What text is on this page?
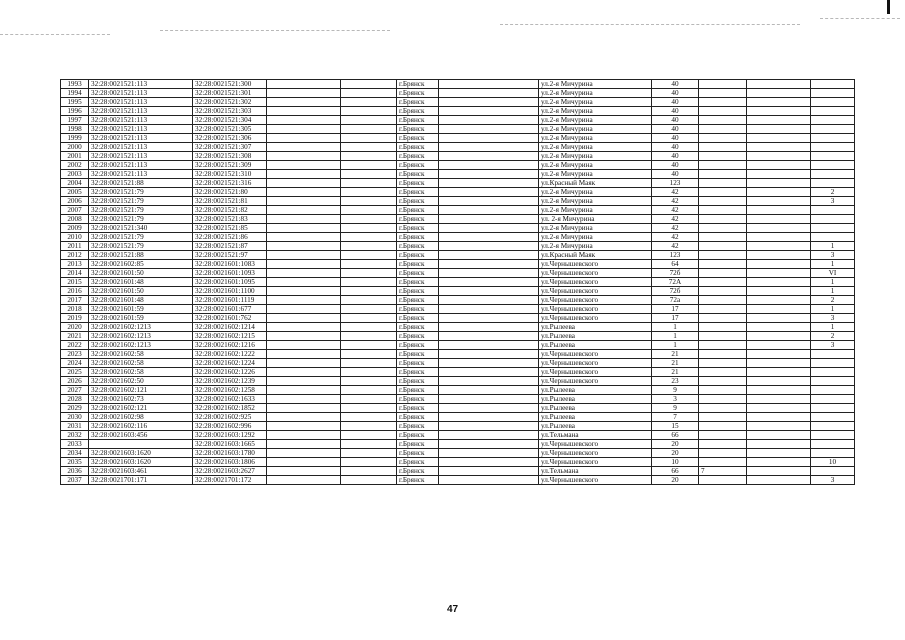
1993	32:28:0021521:113	32:28:0021521:300			г.Брянск		ул.2-я Мичурина	40			
1994	32:28:0021521:113	32:28:0021521:301			г.Брянск		ул.2-я Мичурина	40			
1995	32:28:0021521:113	32:28:0021521:302			г.Брянск		ул.2-я Мичурина	40			
1996	32:28:0021521:113	32:28:0021521:303			г.Брянск		ул.2-я Мичурина	40			
1997	32:28:0021521:113	32:28:0021521:304			г.Брянск		ул.2-я Мичурина	40			
1998	32:28:0021521:113	32:28:0021521:305			г.Брянск		ул.2-я Мичурина	40			
1999	32:28:0021521:113	32:28:0021521:306			г.Брянск		ул.2-я Мичурина	40			
2000	32:28:0021521:113	32:28:0021521:307			г.Брянск		ул.2-я Мичурина	40			
2001	32:28:0021521:113	32:28:0021521:308			г.Брянск		ул.2-я Мичурина	40			
2002	32:28:0021521:113	32:28:0021521:309			г.Брянск		ул.2-я Мичурина	40			
2003	32:28:0021521:113	32:28:0021521:310			г.Брянск		ул.2-я Мичурина	40			
2004	32:28:0021521:88	32:28:0021521:316			г.Брянск		ул.Красный Маяк	123			
2005	32:28:0021521:79	32:28:0021521:80			г.Брянск		ул.2-я Мичурина	42			2
2006	32:28:0021521:79	32:28:0021521:81			г.Брянск		ул.2-я Мичурина	42			3
2007	32:28:0021521:79	32:28:0021521:82			г.Брянск		ул.2-я Мичурина	42			
2008	32:28:0021521:79	32:28:0021521:83			г.Брянск		ул. 2-я Мичурина	42			
2009	32:28:0021521:340	32:28:0021521:85			г.Брянск		ул.2-я Мичурина	42			
2010	32:28:0021521:79	32:28:0021521:86			г.Брянск		ул.2-я Мичурина	42			
2011	32:28:0021521:79	32:28:0021521:87			г.Брянск		ул.2-я Мичурина	42			1
2012	32:28:0021521:88	32:28:0021521:97			г.Брянск		ул.Красный Маяк	123			3
2013	32:28:0021602:85	32:28:0021601:1083			г.Брянск		ул.Чернышевского	64			1
2014	32:28:0021601:50	32:28:0021601:1093			г.Брянск		ул.Чернышевского	72б			VI
2015	32:28:0021601:48	32:28:0021601:1095			г.Брянск		ул.Чернышевского	72А			1
2016	32:28:0021601:50	32:28:0021601:1100			г.Брянск		ул.Чернышевского	72б			1
2017	32:28:0021601:48	32:28:0021601:1119			г.Брянск		ул.Чернышевского	72а			2
2018	32:28:0021601:59	32:28:0021601:677			г.Брянск		ул.Чернышевского	17			1
2019	32:28:0021601:59	32:28:0021601:762			г.Брянск		ул.Чернышевского	17			3
2020	32:28:0021602:1213	32:28:0021602:1214			г.Брянск		ул.Рылеева	1			1
2021	32:28:0021602:1213	32:28:0021602:1215			г.Брянск		ул.Рылеева	1			2
2022	32:28:0021602:1213	32:28:0021602:1216			г.Брянск		ул.Рылеева	1			3
2023	32:28:0021602:58	32:28:0021602:1222			г.Брянск		ул.Чернышевского	21			
2024	32:28:0021602:58	32:28:0021602:1224			г.Брянск		ул.Чернышевского	21			
2025	32:28:0021602:58	32:28:0021602:1226			г.Брянск		ул.Чернышевского	21			
2026	32:28:0021602:50	32:28:0021602:1239			г.Брянск		ул.Чернышевского	23			
2027	32:28:0021602:121	32:28:0021602:1258			г.Брянск		ул.Рылеева	9			
2028	32:28:0021602:73	32:28:0021602:1633			г.Брянск		ул.Рылеева	3			
2029	32:28:0021602:121	32:28:0021602:1852			г.Брянск		ул.Рылеева	9			
2030	32:28:0021602:98	32:28:0021602:925			г.Брянск		ул.Рылеева	7			
2031	32:28:0021602:116	32:28:0021602:996			г.Брянск		ул.Рылеева	15			
2032	32:28:0021603:456	32:28:0021603:1292			г.Брянск		ул.Тельмана	66			
2033		32:28:0021603:1665			г.Брянск		ул.Чернышевского	20			
2034	32:28:0021603:1620	32:28:0021603:1780			г.Брянск		ул.Чернышевского	20			
2035	32:28:0021603:1620	32:28:0021603:1806			г.Брянск		ул.Чернышевского	10			10
2036	32:28:0021603:461	32:28:0021603:2627			г.Брянск		ул.Тельмана	66	7		
2037	32:28:0021701:171	32:28:0021701:172			г.Брянск		ул.Чернышевского	20			3
47
